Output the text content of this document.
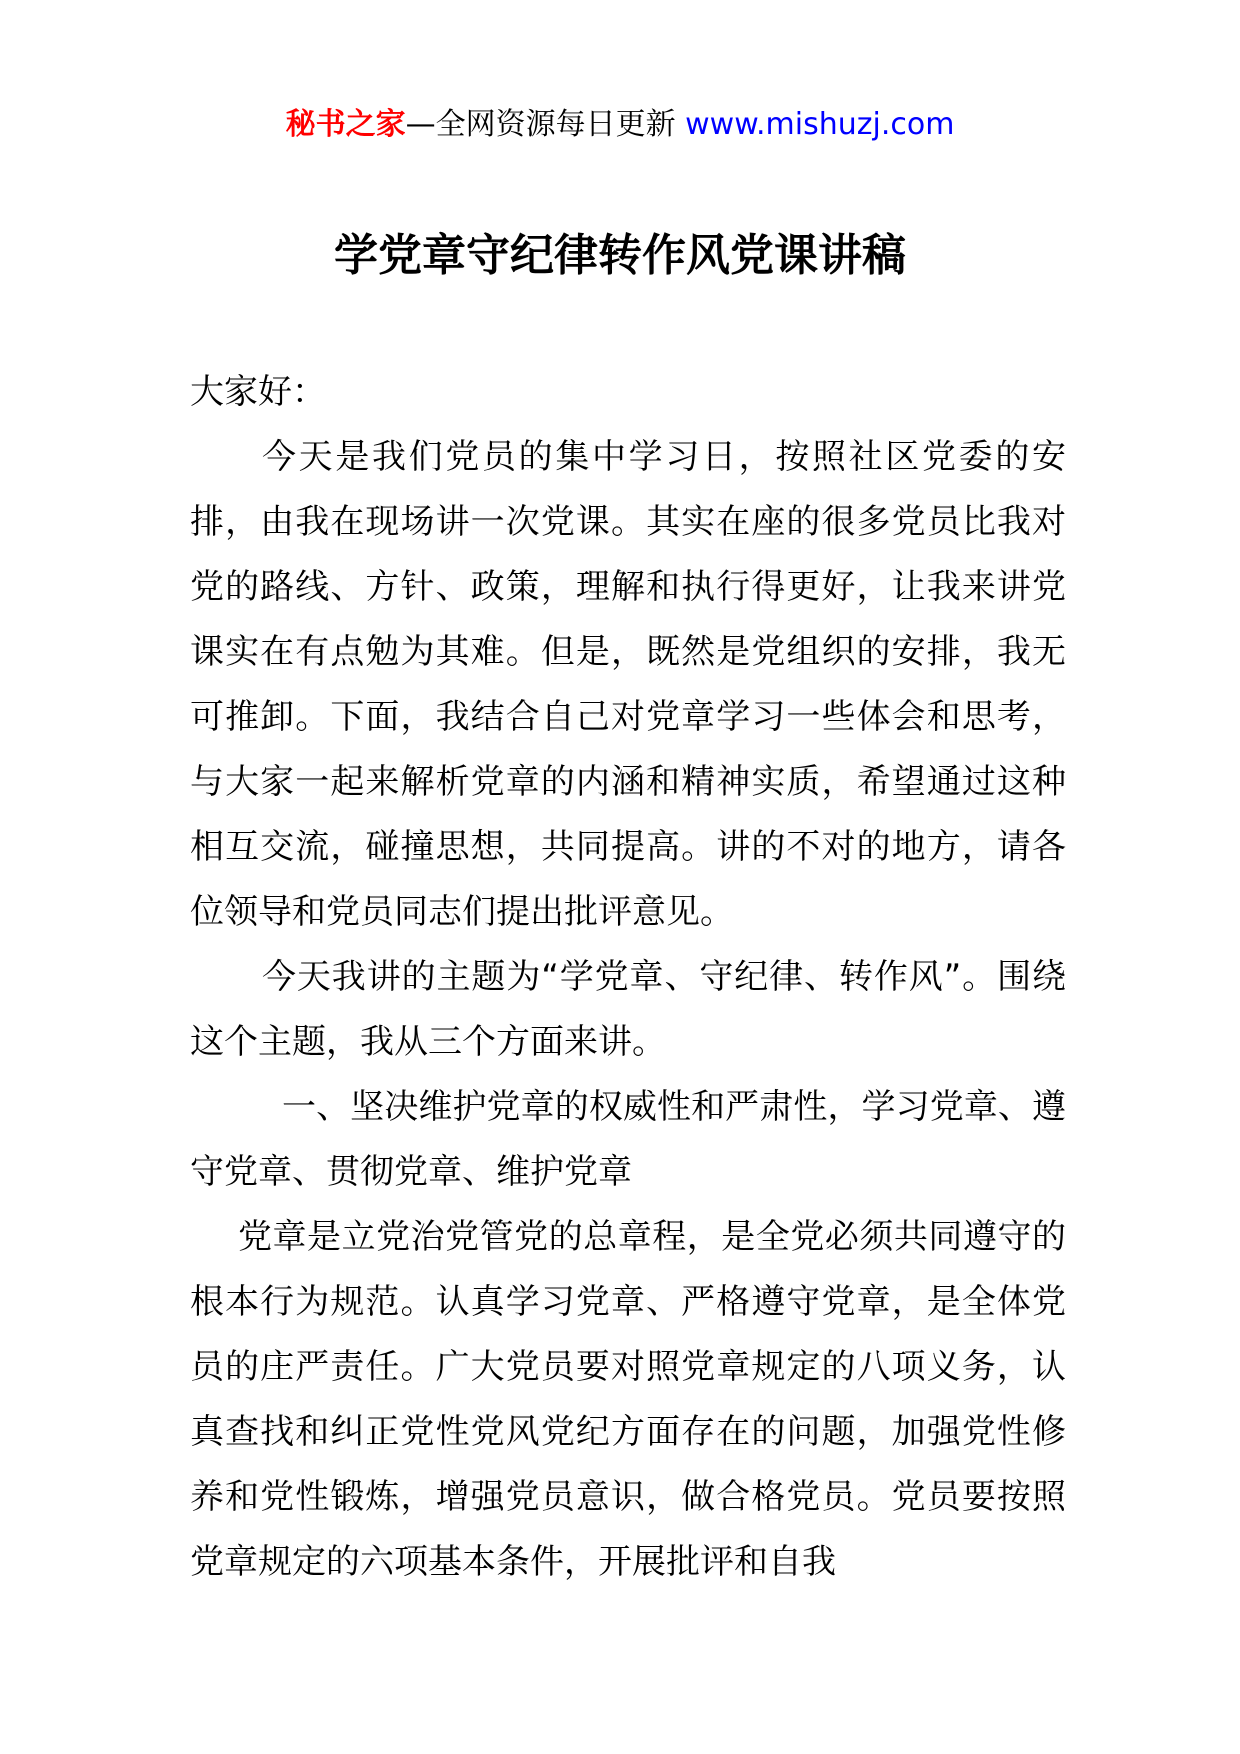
秘书之家—全网资源每日更新 www.mishuzj.com
学党章守纪律转作风党课讲稿

大家好：

今天是我们党员的集中学习日，按照社区党委的安排，由我在现场讲一次党课。其实在座的很多党员比我对党的路线、方针、政策，理解和执行得更好，让我来讲党课实在有点勉为其难。但是，既然是党组织的安排，我无可推卸。下面，我结合自己对党章学习一些体会和思考，与大家一起来解析党章的内涵和精神实质，希望通过这种相互交流，碰撞思想，共同提高。讲的不对的地方，请各位领导和党员同志们提出批评意见。

今天我讲的主题为“学党章、守纪律、转作风”。围绕这个主题，我从三个方面来讲。

一、坚决维护党章的权威性和严肃性，学习党章、遵守党章、贯彻党章、维护党章

党章是立党治党管党的总章程，是全党必须共同遵守的根本行为规范。认真学习党章、严格遵守党章，是全体党员的庄严责任。广大党员要对照党章规定的八项义务，认真查找和纠正党性党风党纪方面存在的问题，加强党性修养和党性锻炼，增强党员意识，做合格党员。党员要按照党章规定的六项基本条件，开展批评和自我
